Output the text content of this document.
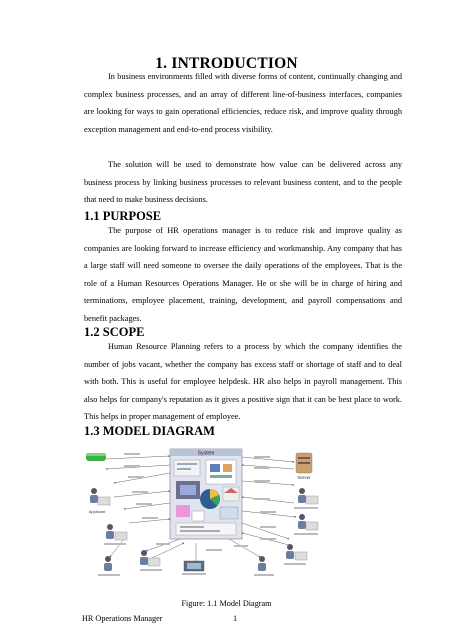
1. INTRODUCTION

In business environments filled with diverse forms of content, continually changing and complex business processes, and an array of different line-of-business interfaces, companies are looking for ways to gain operational efficiencies, reduce risk, and improve quality through exception management and end-to-end process visibility.

The solution will be used to demonstrate how value can be delivered across any business process by linking business processes to relevant business content, and to the people that need to make business decisions.

1.1 PURPOSE

The purpose of HR operations manager is to reduce risk and improve quality as companies are looking forward to increase efficiency and workmanship. Any company that has a large staff will need someone to oversee the daily operations of the employees. That is the role of a Human Resources Operations Manager. He or she will be in charge of hiring and terminations, employee placement, training, development, and payroll compensations and benefit packages.

1.2 SCOPE

Human Resource Planning refers to a process by which the company identifies the number of jobs vacant, whether the company has excess staff or shortage of staff and to deal with both. This is useful for employee helpdesk. HR also helps in payroll management. This also helps for company's reputation as it gives a positive sign that it can be best place to work. This helps in proper management of employee.

1.3 MODEL DIAGRAM
System
Applicant
Server
Figure: 1.1 Model Diagram
HR Operations Manager	1
